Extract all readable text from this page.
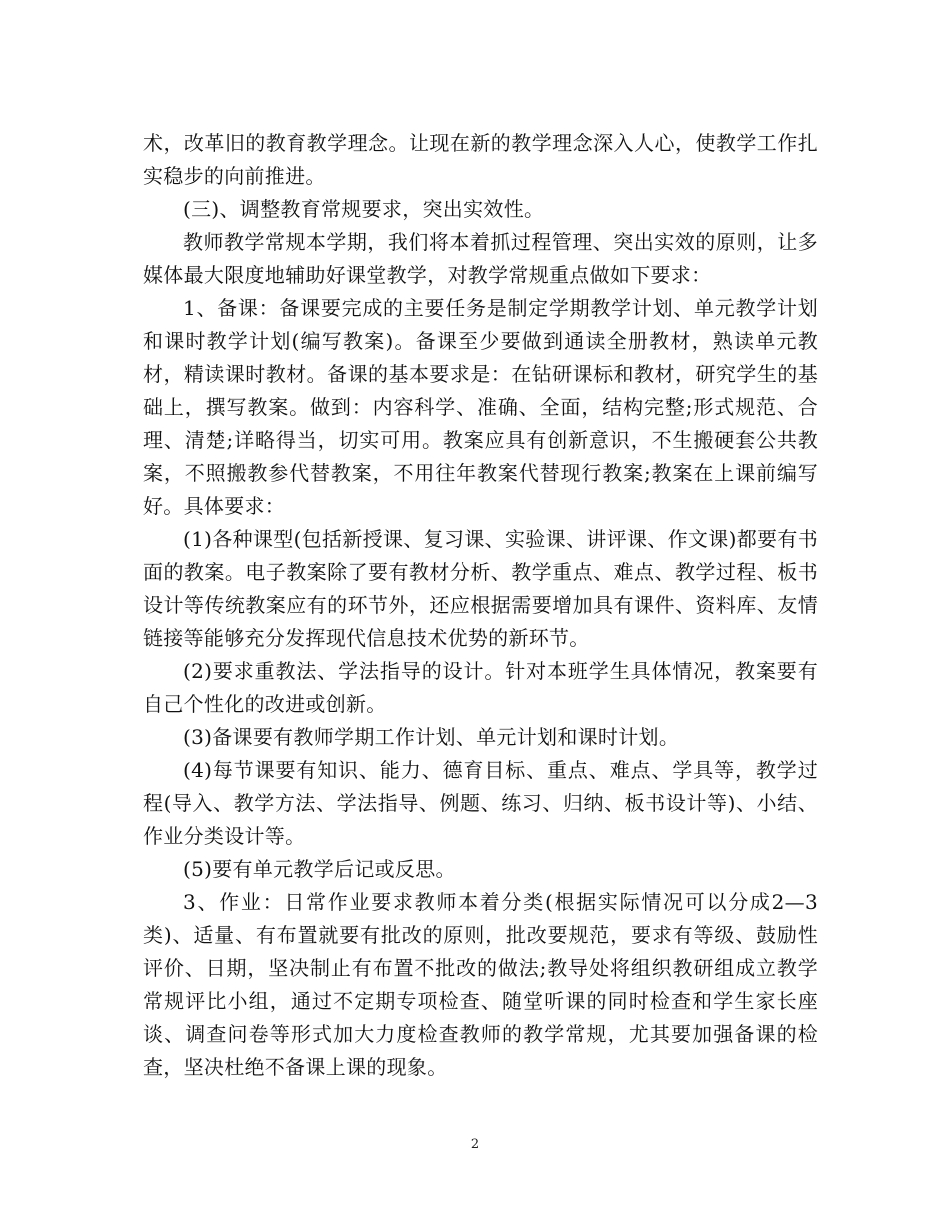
术，改革旧的教育教学理念。让现在新的教学理念深入人心，使教学工作扎实稳步的向前推进。

(三)、调整教育常规要求，突出实效性。

教师教学常规本学期，我们将本着抓过程管理、突出实效的原则，让多媒体最大限度地辅助好课堂教学，对教学常规重点做如下要求：

1、备课：备课要完成的主要任务是制定学期教学计划、单元教学计划和课时教学计划(编写教案)。备课至少要做到通读全册教材，熟读单元教材，精读课时教材。备课的基本要求是：在钻研课标和教材，研究学生的基础上，撰写教案。做到：内容科学、准确、全面，结构完整;形式规范、合理、清楚;详略得当，切实可用。教案应具有创新意识，不生搬硬套公共教案，不照搬教参代替教案，不用往年教案代替现行教案;教案在上课前编写好。具体要求：

(1)各种课型(包括新授课、复习课、实验课、讲评课、作文课)都要有书面的教案。电子教案除了要有教材分析、教学重点、难点、教学过程、板书设计等传统教案应有的环节外，还应根据需要增加具有课件、资料库、友情链接等能够充分发挥现代信息技术优势的新环节。

(2)要求重教法、学法指导的设计。针对本班学生具体情况，教案要有自己个性化的改进或创新。

(3)备课要有教师学期工作计划、单元计划和课时计划。

(4)每节课要有知识、能力、德育目标、重点、难点、学具等，教学过程(导入、教学方法、学法指导、例题、练习、归纳、板书设计等)、小结、作业分类设计等。

(5)要有单元教学后记或反思。

3、作业：日常作业要求教师本着分类(根据实际情况可以分成2—3类)、适量、有布置就要有批改的原则，批改要规范，要求有等级、鼓励性评价、日期，坚决制止有布置不批改的做法;教导处将组织教研组成立教学常规评比小组，通过不定期专项检查、随堂听课的同时检查和学生家长座谈、调查问卷等形式加大力度检查教师的教学常规，尤其要加强备课的检查，坚决杜绝不备课上课的现象。

2
